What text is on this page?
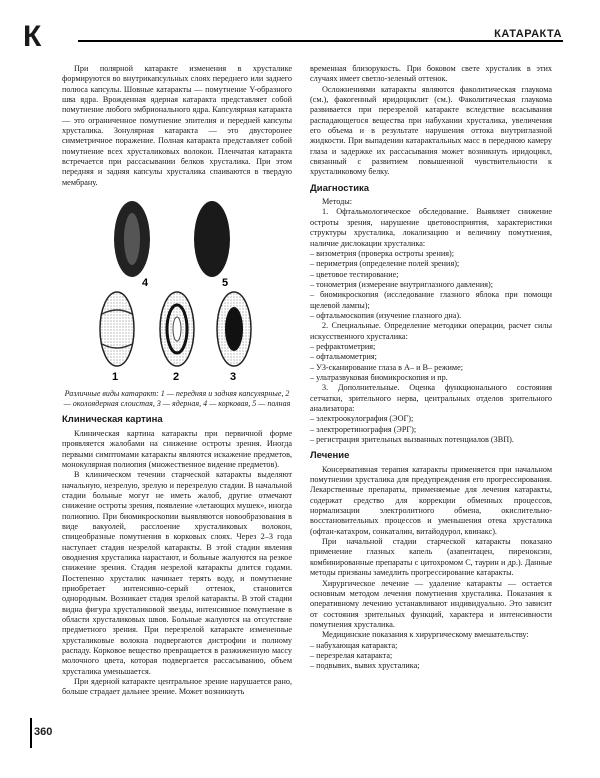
К	КАТАРАКТА

При полярной катаракте изменения в хрусталике формируются во внутрикапсульных слоях переднего или заднего полюса капсулы. Шовные катаракты — помутнение Y-образного шва ядра. Врожденная ядерная катаракта представляет собой помутнение любого эмбрионального ядра. Капсулярная катаракта — это ограниченное помутнение эпителия и передней капсулы хрусталика. Зонулярная катаракта — это двусторонее симметричное поражение. Полная катаракта представляет собой помутнение всех хрусталиковых волокон. Пленчатая катаракта встречается при рассасывании белков хрусталика. При этом передняя и задняя капсулы хрусталика спаиваются в твердую мембрану.

4	5
1	2	3

Различные виды катаракт: 1 — передняя и задняя капсулярные, 2 — околоядерная слоистая, 3 — ядерная, 4 — корковая, 5 — полная

Клиническая картина

Клиническая картина катаракты при первичной форме проявляется жалобами на снижение остроты зрения. Иногда первыми симптомами катаракты являются искажение предметов, монокулярная полиопия (множественное видение предметов).

В клиническом течении старческой катаракты выделяют начальную, незрелую, зрелую и перезрелую стадии. В начальной стадии больные могут не иметь жалоб, другие отмечают снижение остроты зрения, появление «летающих мушек», иногда полиопию. При биомикроскопии выявляются новообразования в виде вакуолей, расслоение хрусталиковых волокон, спицеобразные помутнения в корковых слоях. Через 2–3 года наступает стадия незрелой катаракты. В этой стадии явления оводнения хрусталика нарастают, и больные жалуются на резкое снижение зрения. Стадия незрелой катаракты длится годами. Постепенно хрусталик начинает терять воду, и помутнение приобретает интенсивно-серый оттенок, становится однородным. Возникает стадия зрелой катаракты. В этой стадии видна фигура хрусталиковой звезды, интенсивное помутнение в области хрусталиковых швов. Больные жалуются на отсутствие предметного зрения. При перезрелой катаракте измененные хрусталиковые волокна подвергаются дистрофии и полному распаду. Корковое вещество превращается в разжиженную массу молочного цвета, которая подвергается рассасыванию, объем хрусталика уменьшается.

При ядерной катаракте центральное зрение нарушается рано, больше страдает дальнее зрение. Может возникнуть

временная близорукость. При боковом свете хрусталик в этих случаях имеет светло-зеленый оттенок.

Осложнениями катаракты являются факолитическая глаукома (см.), факогенный иридоциклит (см.). Факолитическая глаукома развивается при перезрелой катаракте вследствие всасывания распадающегося вещества при набухании хрусталика, увеличения его объема и в результате нарушения оттока внутриглазной жидкости. При выпадении катарактальных масс в переднюю камеру глаза и задержке их рассасывания может возникнуть иридоцикл, связанный с развитием повышенной чувствительности к хрусталиковому белку.

Диагностика

Методы:

1. Офтальмологическое обследование. Выявляет снижение остроты зрения, нарушение цветовосприятия, характеристики структуры хрусталика, локализацию и величину помутнения, наличие дислокации хрусталика:

– визометрия (проверка остроты зрения);

– периметрия (определение полей зрения);

– цветовое тестирование;

– тонометрия (измерение внутриглазного давления);

– биомикроскопия (исследование глазного яблока при помощи щелевой лампы);

– офтальмоскопия (изучение глазного дна).

2. Специальные. Определение методики операции, расчет силы искусственного хрусталика:

– рефрактометрия;

– офтальмометрия;

– УЗ-сканирование глаза в А– и В– режиме;

– ультразвуковая биомикроскопия и пр.

3. Дополнительные. Оценка функционального состояния сетчатки, зрительного нерва, центральных отделов зрительного анализатора:

– электроокулография (ЭОГ);

– электроретинография (ЭРГ);

– регистрация зрительных вызванных потенциалов (ЗВП).

Лечение

Консервативная терапия катаракты применяется при начальном помутнении хрусталика для предупреждения его прогрессирования. Лекарственные препараты, применяемые для лечения катаракты, содержат средство для коррекции обменных процессов, нормализации электролитного обмена, окислительно-восстановительных процессов и уменьшения отека хрусталика (офтан-катахром, сонкаталин, витайодурол, квинакс).

При начальной стадии старческой катаракты показано применение глазных капель (азапентацен, пиреноксин, комбинированные препараты с цитохромом С, таурин и др.). Данные методы призваны замедлить прогрессирование катаракты.

Хирургическое лечение — удаление катаракты — остается основным методом лечения помутнения хрусталика. Показания к оперативному лечению устанавливают индивидуально. Это зависит от состояния зрительных функций, характера и интенсивности помутнения хрусталика.

Медицинские показания к хирургическому вмешательству:

– набухающая катаракта;

– перезрелая катаракта;

– подвывих, вывих хрусталика;

360
